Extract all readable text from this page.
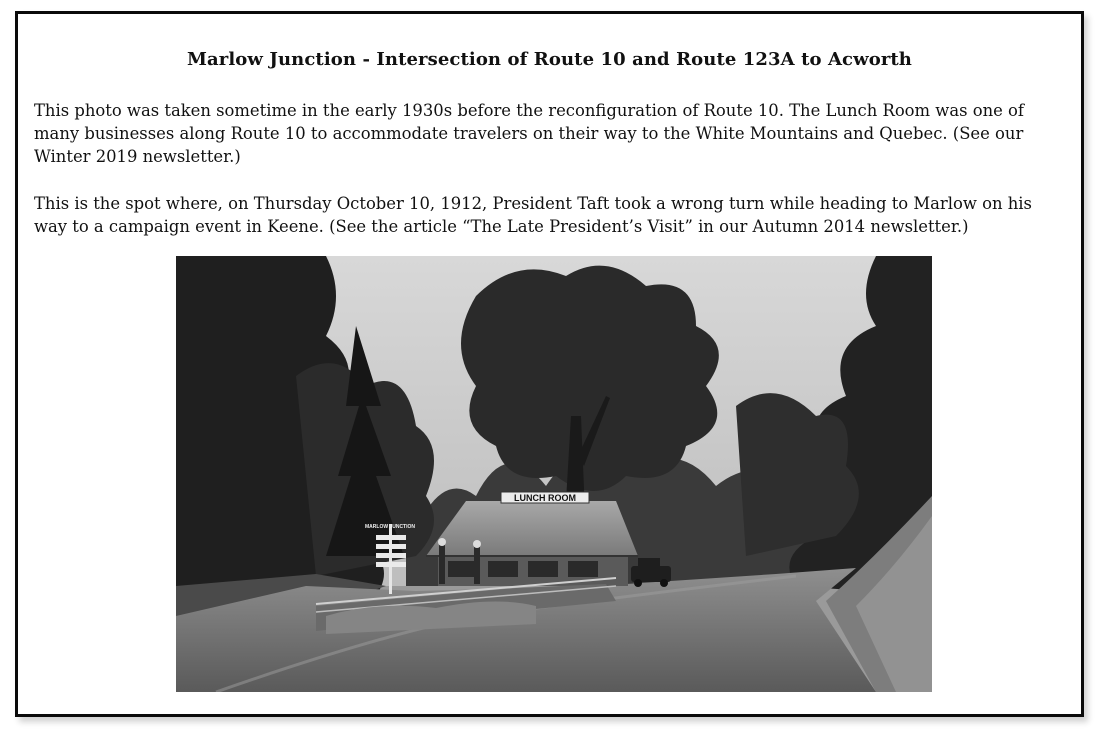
Marlow Junction - Intersection of Route 10 and Route 123A to Acworth
This photo was taken sometime in the early 1930s before the reconfiguration of Route 10. The Lunch Room was one of many businesses along Route 10 to accommodate travelers on their way to the White Mountains and Quebec. (See our Winter 2019 newsletter.)
This is the spot where, on Thursday October 10, 1912, President Taft took a wrong turn while heading to Marlow on his way to a campaign event in Keene. (See the article “The Late President’s Visit” in our Autumn 2014 newsletter.)
LUNCH ROOM
MARLOW JUNCTION
